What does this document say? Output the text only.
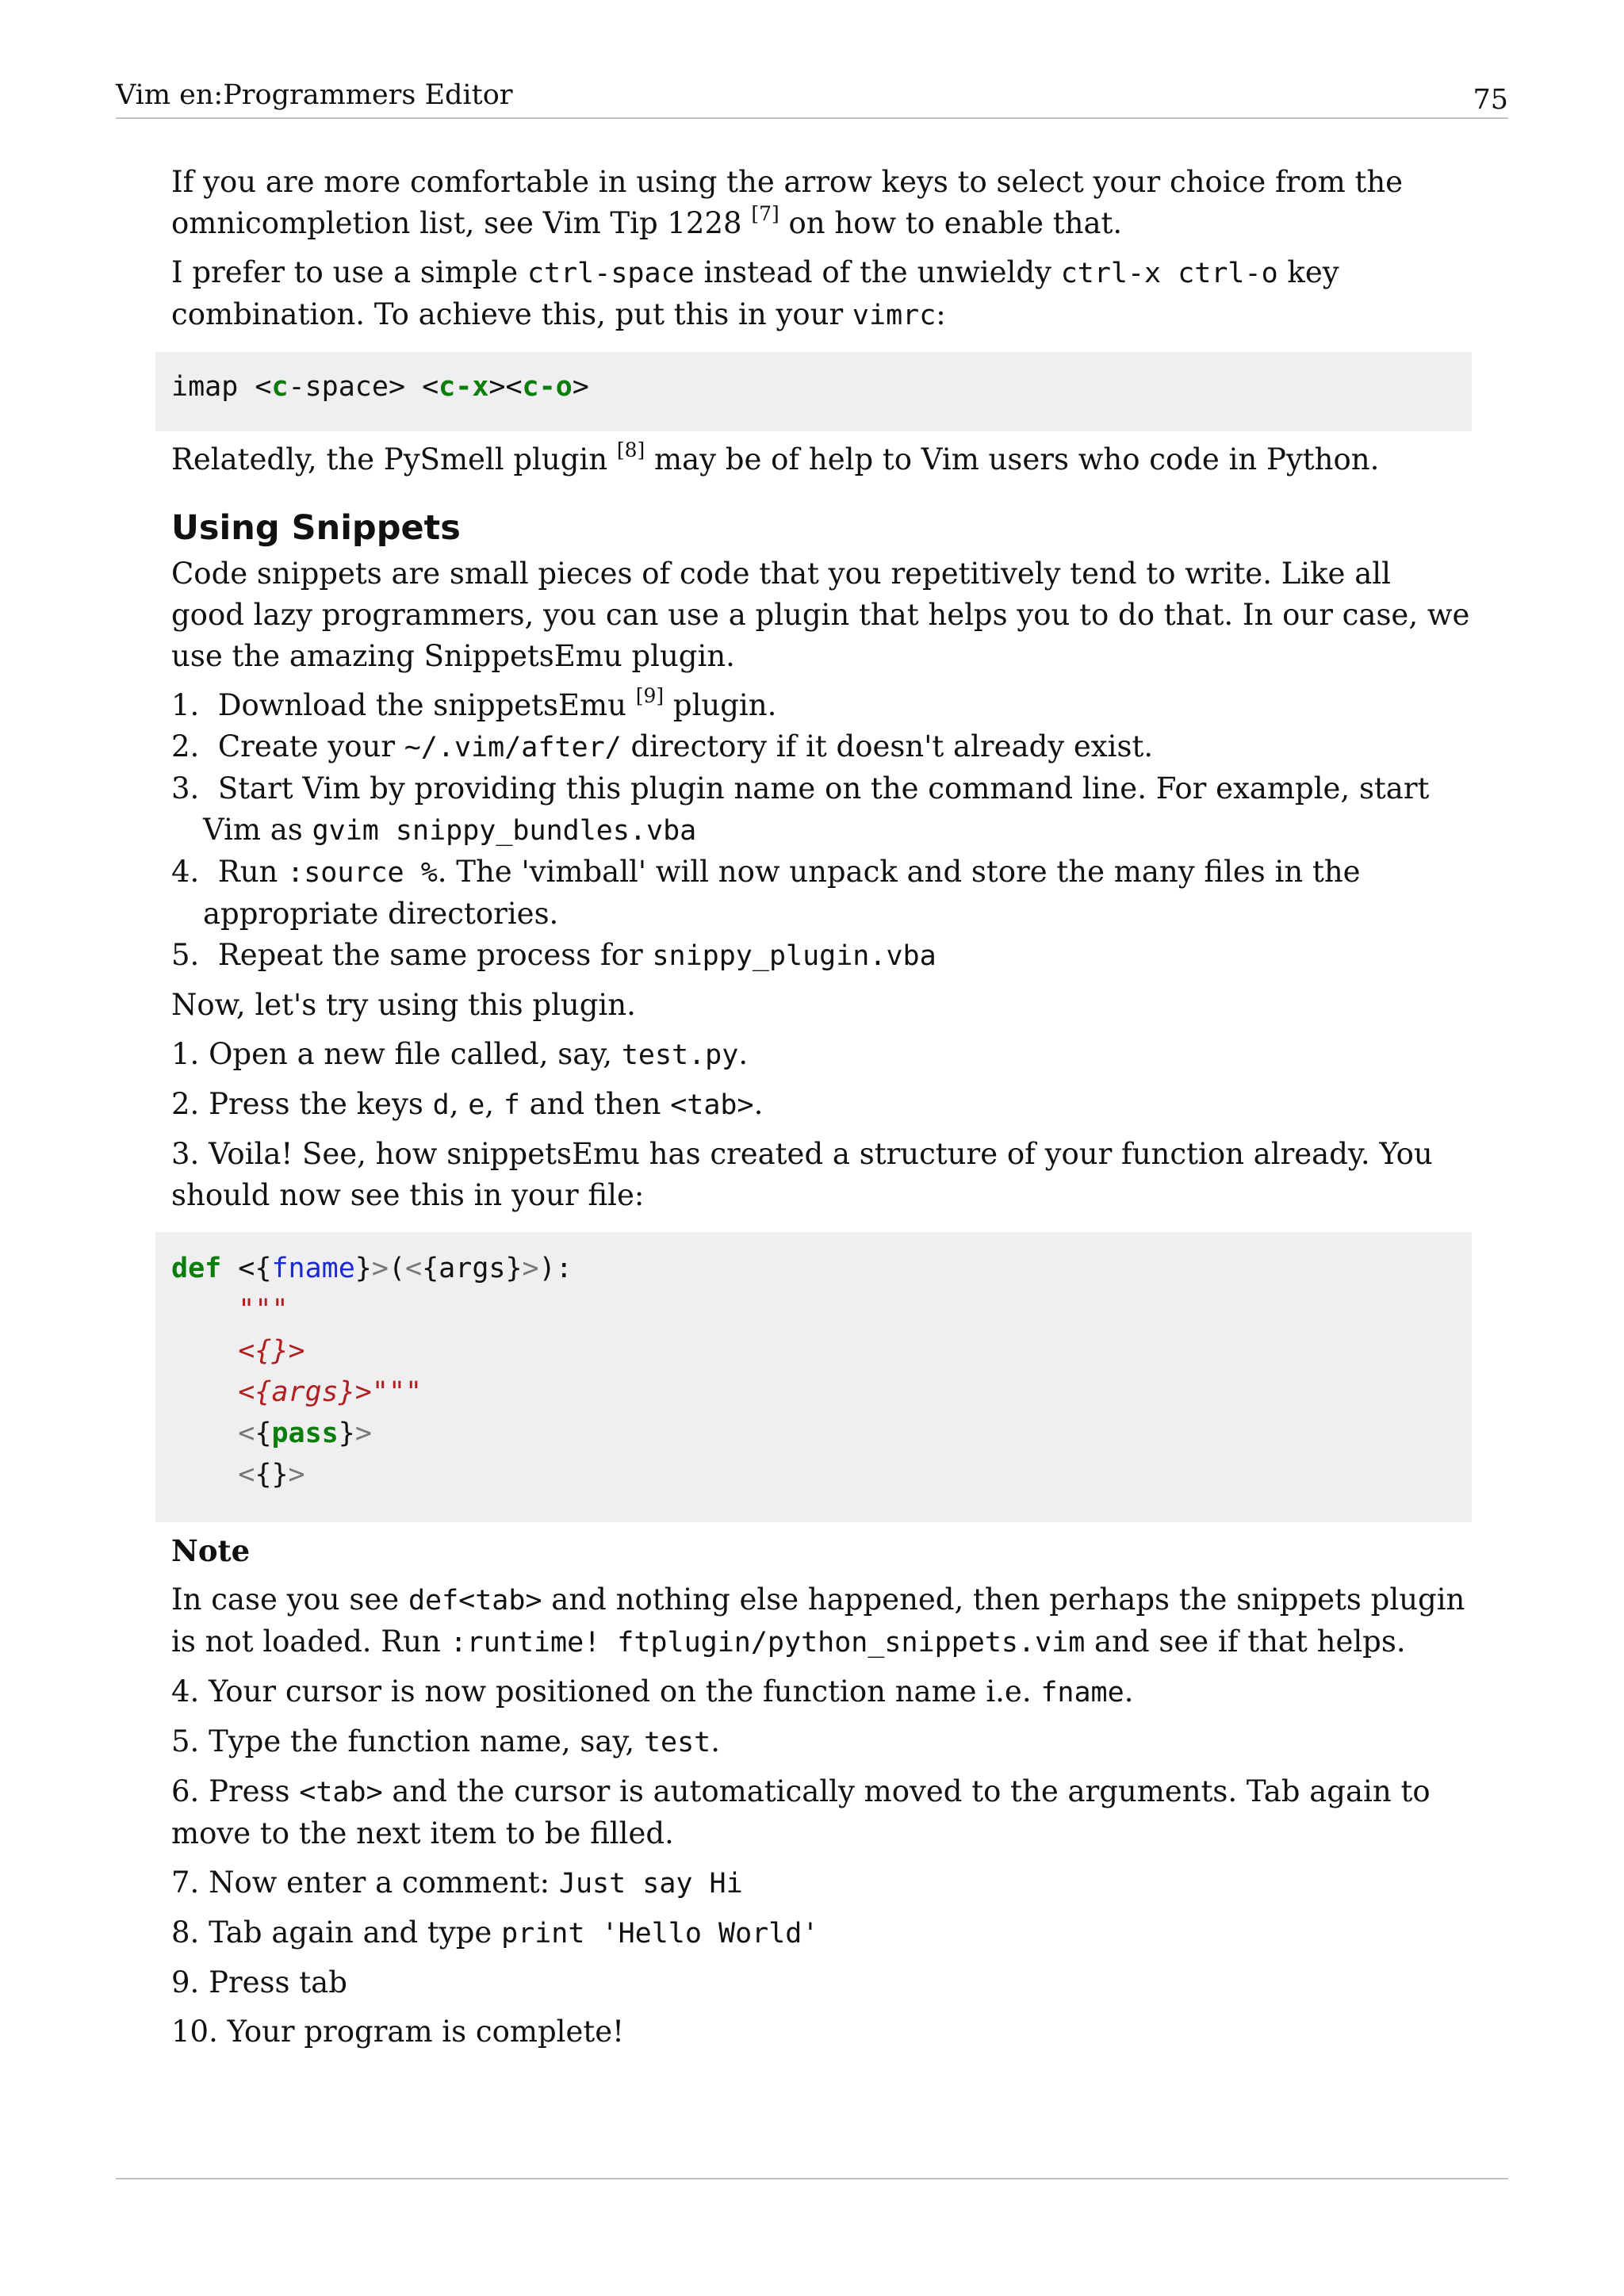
Vim en:Programmers Editor	75

If you are more comfortable in using the arrow keys to select your choice from the omnicompletion list, see Vim Tip 1228 [7] on how to enable that.

I prefer to use a simple ctrl-space instead of the unwieldy ctrl-x ctrl-o key combination. To achieve this, put this in your vimrc:

imap <c-space> <c-x><c-o>

Relatedly, the PySmell plugin [8] may be of help to Vim users who code in Python.

Using Snippets

Code snippets are small pieces of code that you repetitively tend to write. Like all good lazy programmers, you can use a plugin that helps you to do that. In our case, we use the amazing SnippetsEmu plugin.

1. Download the snippetsEmu [9] plugin.
2. Create your ~/.vim/after/ directory if it doesn't already exist.
3. Start Vim by providing this plugin name on the command line. For example, start Vim as gvim snippy_bundles.vba
4. Run :source %. The 'vimball' will now unpack and store the many files in the appropriate directories.
5. Repeat the same process for snippy_plugin.vba

Now, let's try using this plugin.

1. Open a new file called, say, test.py.

2. Press the keys d, e, f and then <tab>.

3. Voila! See, how snippetsEmu has created a structure of your function already. You should now see this in your file:

def <{fname}>(<{args}>):
"""
<{}>
<{args}>"""
<{pass}>
<{}>

Note

In case you see def<tab> and nothing else happened, then perhaps the snippets plugin is not loaded. Run :runtime! ftplugin/python_snippets.vim and see if that helps.

4. Your cursor is now positioned on the function name i.e. fname.

5. Type the function name, say, test.

6. Press <tab> and the cursor is automatically moved to the arguments. Tab again to move to the next item to be filled.

7. Now enter a comment: Just say Hi

8. Tab again and type print 'Hello World'

9. Press tab

10. Your program is complete!
